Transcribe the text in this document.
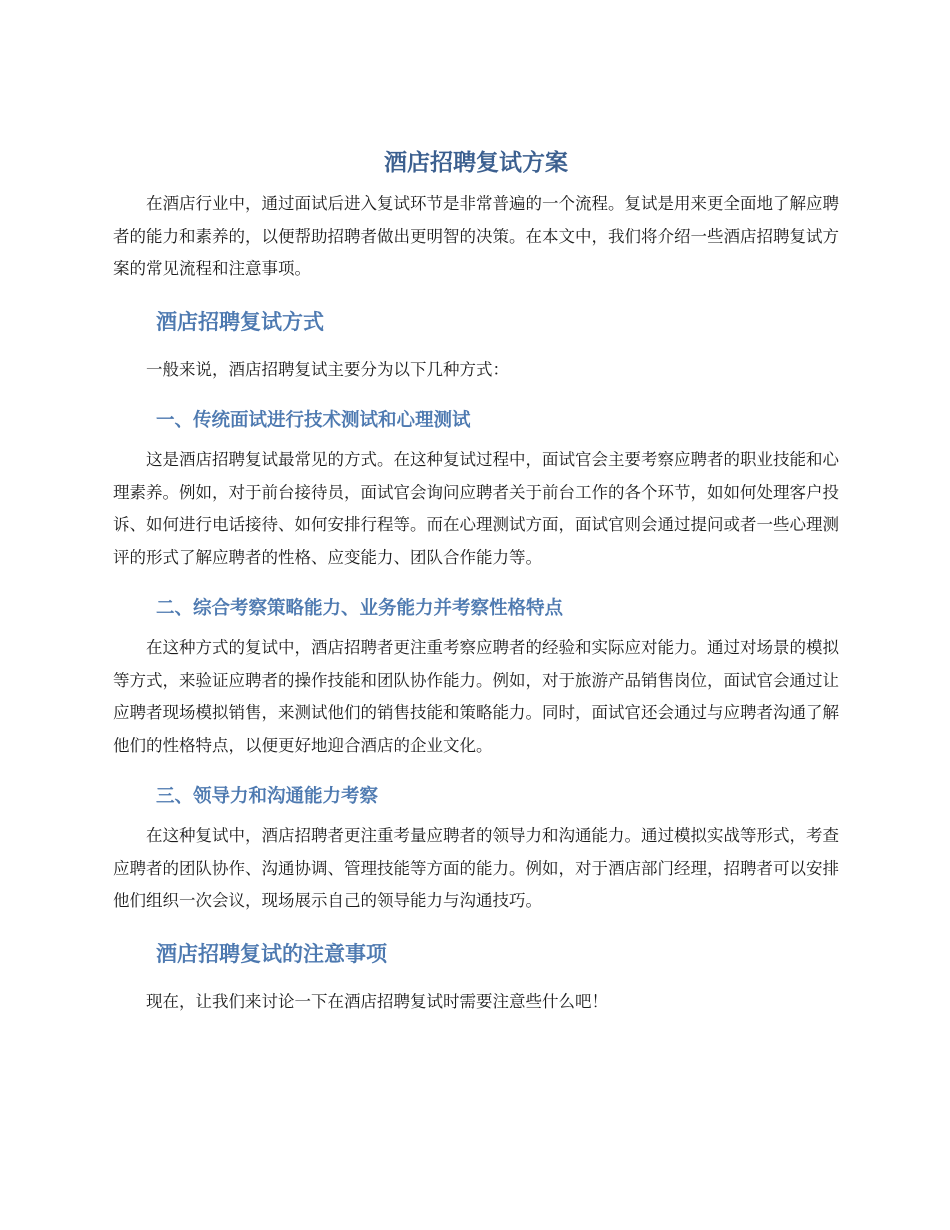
酒店招聘复试方案

在酒店行业中，通过面试后进入复试环节是非常普遍的一个流程。复试是用来更全面地了解应聘者的能力和素养的，以便帮助招聘者做出更明智的决策。在本文中，我们将介绍一些酒店招聘复试方案的常见流程和注意事项。

酒店招聘复试方式

一般来说，酒店招聘复试主要分为以下几种方式：

一、传统面试进行技术测试和心理测试

这是酒店招聘复试最常见的方式。在这种复试过程中，面试官会主要考察应聘者的职业技能和心理素养。例如，对于前台接待员，面试官会询问应聘者关于前台工作的各个环节，如如何处理客户投诉、如何进行电话接待、如何安排行程等。而在心理测试方面，面试官则会通过提问或者一些心理测评的形式了解应聘者的性格、应变能力、团队合作能力等。

二、综合考察策略能力、业务能力并考察性格特点

在这种方式的复试中，酒店招聘者更注重考察应聘者的经验和实际应对能力。通过对场景的模拟等方式，来验证应聘者的操作技能和团队协作能力。例如，对于旅游产品销售岗位，面试官会通过让应聘者现场模拟销售，来测试他们的销售技能和策略能力。同时，面试官还会通过与应聘者沟通了解他们的性格特点，以便更好地迎合酒店的企业文化。

三、领导力和沟通能力考察

在这种复试中，酒店招聘者更注重考量应聘者的领导力和沟通能力。通过模拟实战等形式，考查应聘者的团队协作、沟通协调、管理技能等方面的能力。例如，对于酒店部门经理，招聘者可以安排他们组织一次会议，现场展示自己的领导能力与沟通技巧。

酒店招聘复试的注意事项

现在，让我们来讨论一下在酒店招聘复试时需要注意些什么吧！
